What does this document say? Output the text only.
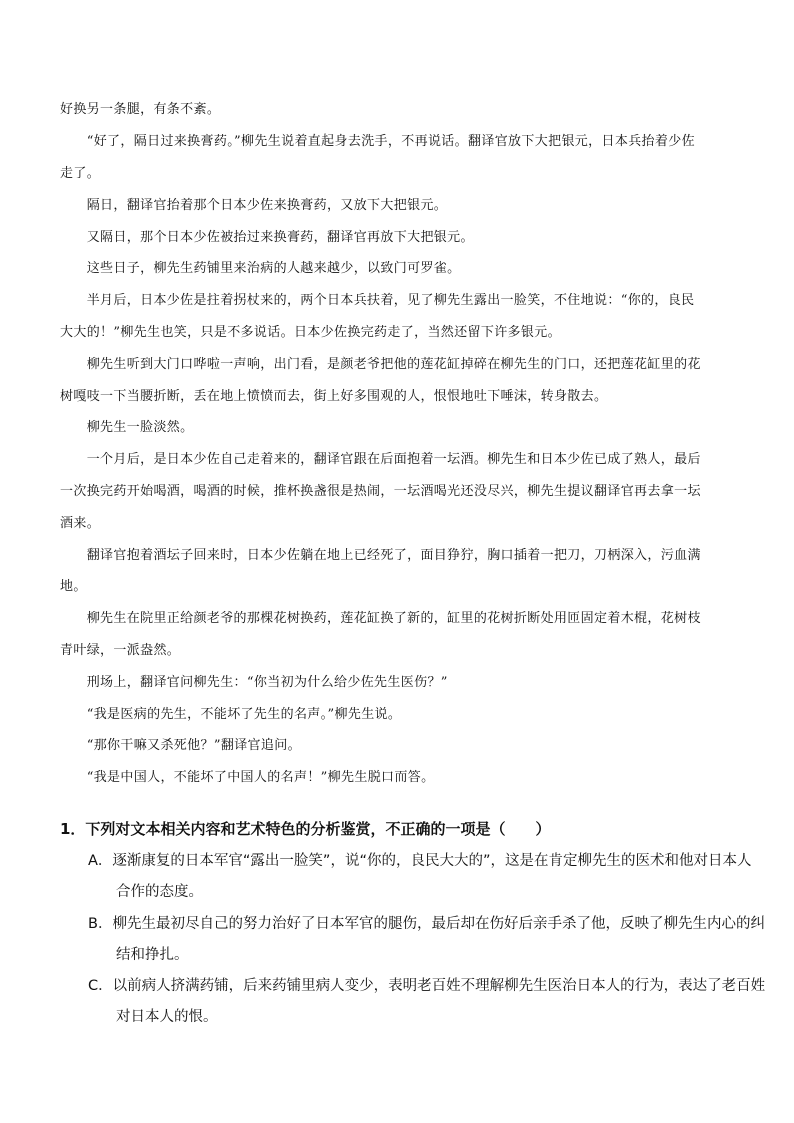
好换另一条腿，有条不紊。

　　“好了，隔日过来换膏药。”柳先生说着直起身去洗手，不再说话。翻译官放下大把银元，日本兵抬着少佐

走了。

　　隔日，翻译官抬着那个日本少佐来换膏药，又放下大把银元。

　　又隔日，那个日本少佐被抬过来换膏药，翻译官再放下大把银元。

　　这些日子，柳先生药铺里来治病的人越来越少，以致门可罗雀。

　　半月后，日本少佐是拄着拐杖来的，两个日本兵扶着，见了柳先生露出一脸笑，不住地说：“你的，良民

大大的！”柳先生也笑，只是不多说话。日本少佐换完药走了，当然还留下许多银元。

　　柳先生听到大门口哗啦一声响，出门看，是颜老爷把他的莲花缸掉碎在柳先生的门口，还把莲花缸里的花

树嘎吱一下当腰折断，丢在地上愤愤而去，街上好多围观的人，恨恨地吐下唾沫，转身散去。

　　柳先生一脸淡然。

　　一个月后，是日本少佐自己走着来的，翻译官跟在后面抱着一坛酒。柳先生和日本少佐已成了熟人，最后

一次换完药开始喝酒，喝酒的时候，推杯换盏很是热闹，一坛酒喝光还没尽兴，柳先生提议翻译官再去拿一坛

酒来。

　　翻译官抱着酒坛子回来时，日本少佐躺在地上已经死了，面目狰狞，胸口插着一把刀，刀柄深入，污血满

地。

　　柳先生在院里正给颜老爷的那棵花树换药，莲花缸换了新的，缸里的花树折断处用匝固定着木棍，花树枝

青叶绿，一派盎然。

　　刑场上，翻译官问柳先生：“你当初为什么给少佐先生医伤？”

　　“我是医病的先生，不能坏了先生的名声。”柳先生说。

　　“那你干嘛又杀死他？”翻译官追问。

　　“我是中国人，不能坏了中国人的名声！”柳先生脱口而答。

1．下列对文本相关内容和艺术特色的分析鉴赏，不正确的一项是（　　）

A．逐渐康复的日本军官“露出一脸笑”，说“你的，良民大大的”，这是在肯定柳先生的医术和他对日本人

合作的态度。

B．柳先生最初尽自己的努力治好了日本军官的腿伤，最后却在伤好后亲手杀了他，反映了柳先生内心的纠

结和挣扎。

C．以前病人挤满药铺，后来药铺里病人变少，表明老百姓不理解柳先生医治日本人的行为，表达了老百姓

对日本人的恨。
